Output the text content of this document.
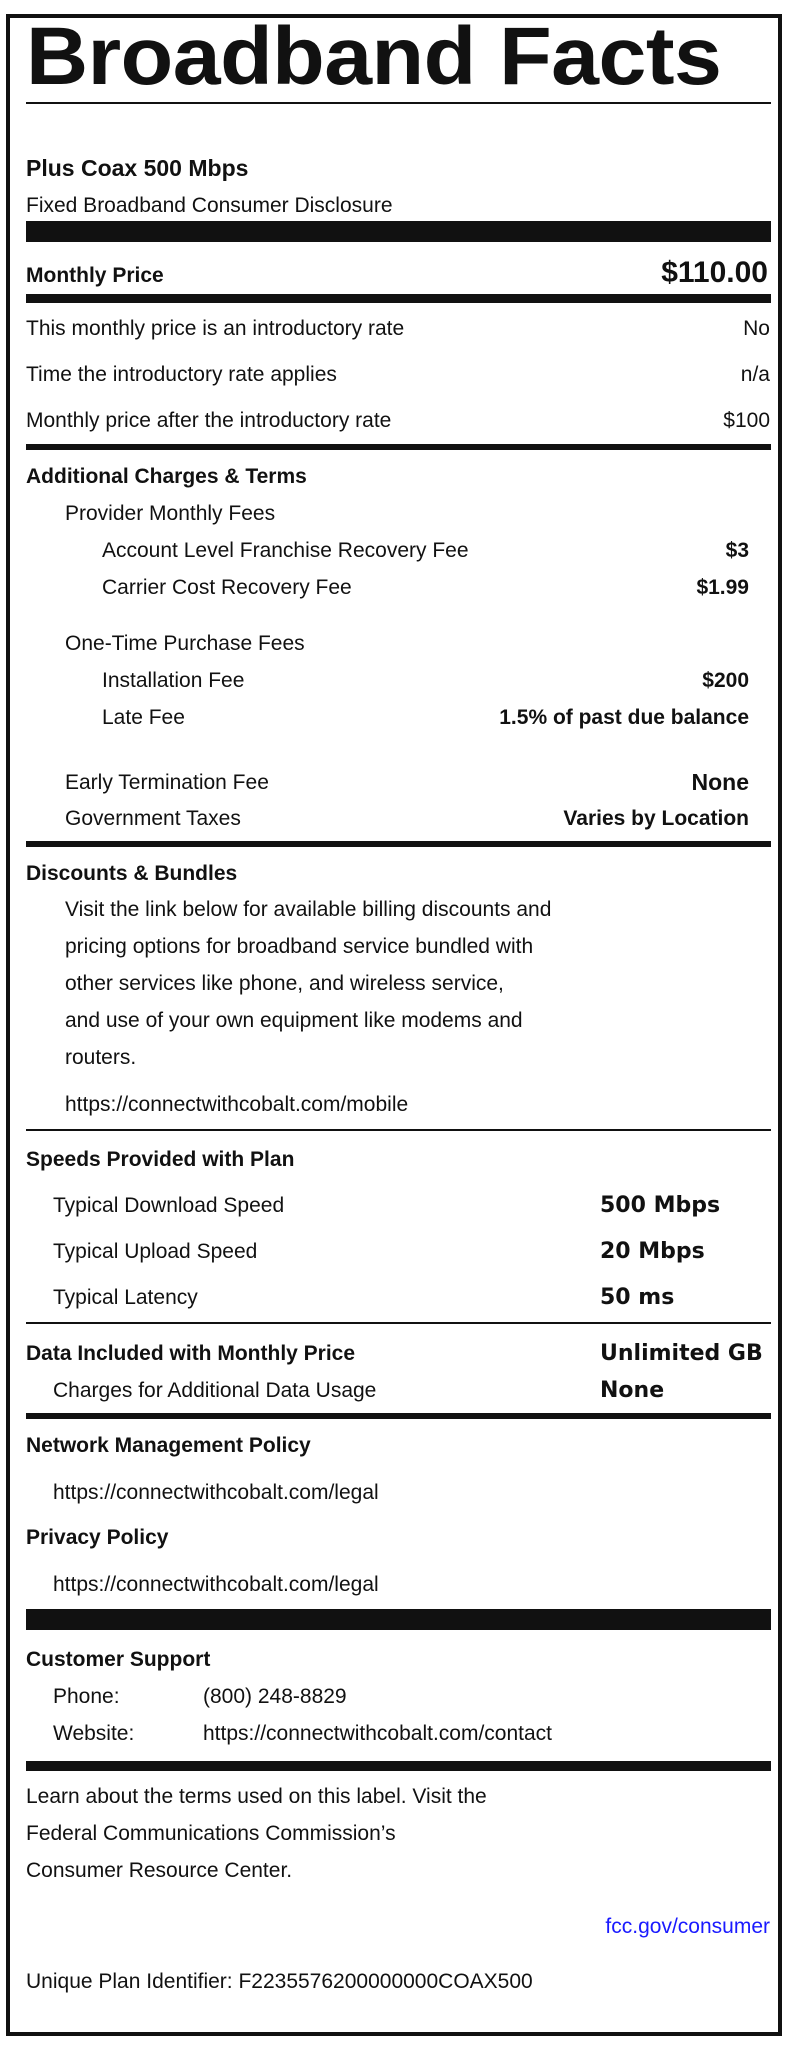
Broadband Facts
Plus Coax 500 Mbps
Fixed Broadband Consumer Disclosure
Monthly Price	$110.00
This monthly price is an introductory rate	No
Time the introductory rate applies	n/a
Monthly price after the introductory rate	$100
Additional Charges & Terms
Provider Monthly Fees
Account Level Franchise Recovery Fee	$3
Carrier Cost Recovery Fee	$1.99
One-Time Purchase Fees
Installation Fee	$200
Late Fee	1.5% of past due balance
Early Termination Fee	None
Government Taxes	Varies by Location
Discounts & Bundles
Visit the link below for available billing discounts and
pricing options for broadband service bundled with
other services like phone, and wireless service,
and use of your own equipment like modems and
routers.
https://connectwithcobalt.com/mobile
Speeds Provided with Plan
Typical Download Speed	500 Mbps
Typical Upload Speed	20 Mbps
Typical Latency	50 ms
Data Included with Monthly Price	Unlimited GB
Charges for Additional Data Usage	None
Network Management Policy
https://connectwithcobalt.com/legal
Privacy Policy
https://connectwithcobalt.com/legal
Customer Support
Phone:	(800) 248-8829
Website:	https://connectwithcobalt.com/contact
Learn about the terms used on this label. Visit the
Federal Communications Commission’s
Consumer Resource Center.
fcc.gov/consumer
Unique Plan Identifier: F2235576200000000COAX500
